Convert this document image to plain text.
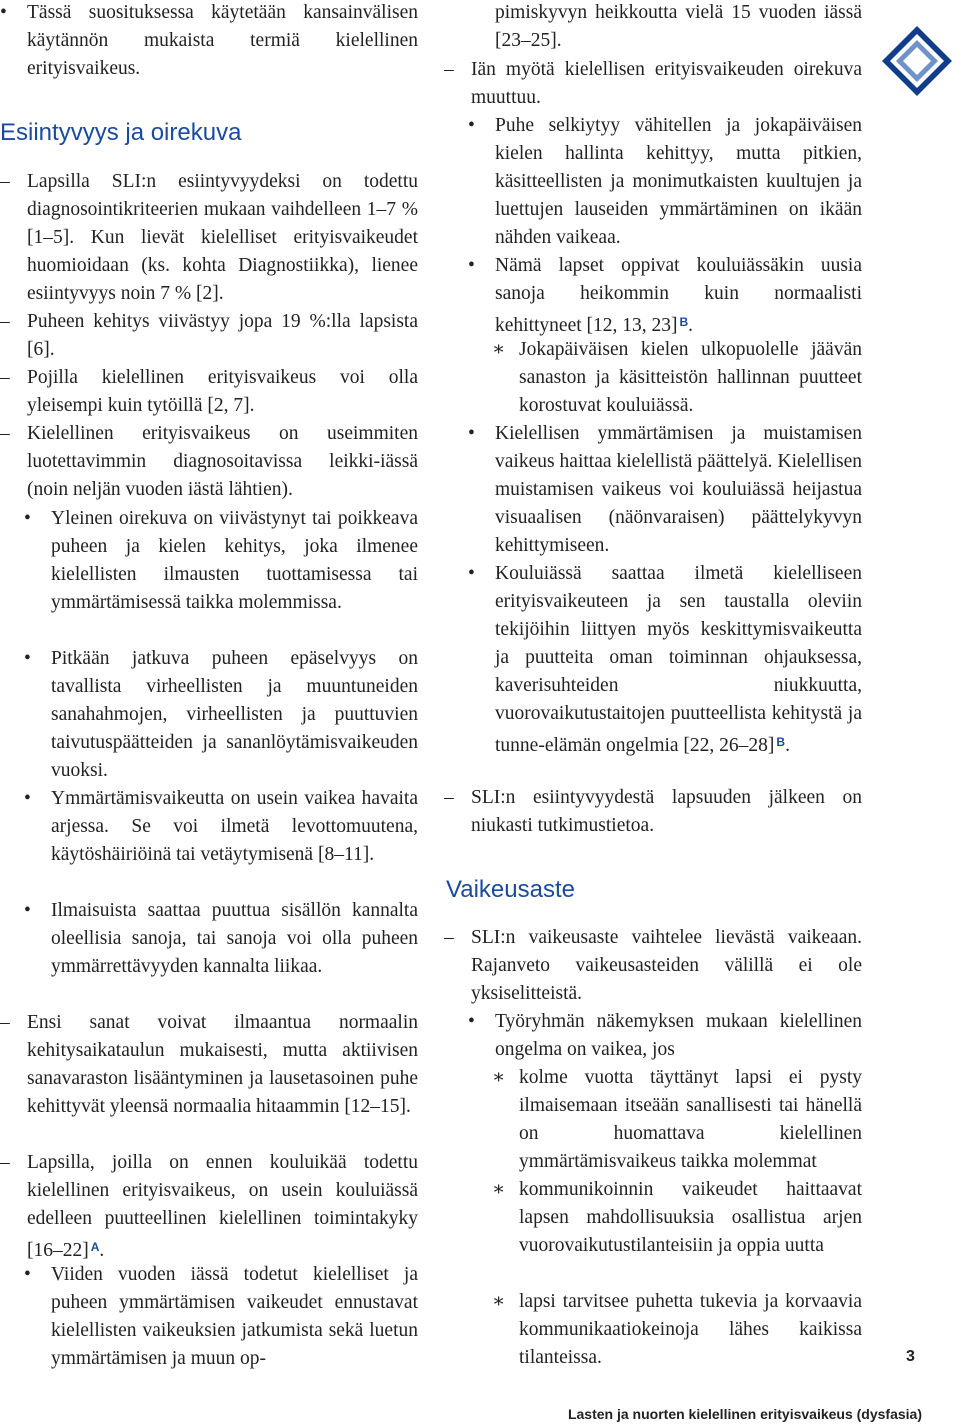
•
Tässä suosituksessa käytetään kansainvälisen käytännön mukaista termiä kielellinen erityisvaikeus.
Esiintyvyys ja oirekuva
–
Lapsilla SLI:n esiintyvyydeksi on todettu diagnosointikriteerien mukaan vaihdelleen 1–7 % [1–5]. Kun lievät kielelliset erityisvaikeudet huomioidaan (ks. kohta Diagnostiikka), lienee esiintyvyys noin 7 % [2].
–
Puheen kehitys viivästyy jopa 19 %:lla lapsista [6].
–
Pojilla kielellinen erityisvaikeus voi olla yleisempi kuin tytöillä [2, 7].
–
Kielellinen erityisvaikeus on useimmiten luotettavimmin diagnosoitavissa leikki-iässä (noin neljän vuoden iästä lähtien).
•
Yleinen oirekuva on viivästynyt tai poikkeava puheen ja kielen kehitys, joka ilmenee kielellisten ilmausten tuottamisessa tai ymmärtämisessä taikka molemmissa.
•
Pitkään jatkuva puheen epäselvyys on tavallista virheellisten ja muuntuneiden sanahahmojen, virheellisten ja puuttuvien taivutuspäätteiden ja sananlöytämisvaikeuden vuoksi.
•
Ymmärtämisvaikeutta on usein vaikea havaita arjessa. Se voi ilmetä levottomuutena, käytöshäiriöinä tai vetäytymisenä [8–11].
•
Ilmaisuista saattaa puuttua sisällön kannalta oleellisia sanoja, tai sanoja voi olla puheen ymmärrettävyyden kannalta liikaa.
–
Ensi sanat voivat ilmaantua normaalin kehitysaikataulun mukaisesti, mutta aktiivisen sanavaraston lisääntyminen ja lausetasoinen puhe kehittyvät yleensä normaalia hitaammin [12–15].
–
Lapsilla, joilla on ennen kouluikää todettu kielellinen erityisvaikeus, on usein kouluiässä edelleen puutteellinen kielellinen toimintakyky [16–22] $^A$.
•
Viiden vuoden iässä todetut kielelliset ja puheen ymmärtämisen vaikeudet ennustavat kielellisten vaikeuksien jatkumista sekä luetun ymmärtämisen ja muun op-
pimiskyvyn heikkoutta vielä 15 vuoden iässä [23–25].
–
Iän myötä kielellisen erityisvaikeuden oirekuva muuttuu.
•
Puhe selkiytyy vähitellen ja jokapäiväisen kielen hallinta kehittyy, mutta pitkien, käsitteellisten ja monimutkaisten kuultujen ja luettujen lauseiden ymmärtäminen on ikään nähden vaikeaa.
•
Nämä lapset oppivat kouluiässäkin uusia sanoja heikommin kuin normaalisti kehittyneet [12, 13, 23] $^B$.
∗
Jokapäiväisen kielen ulkopuolelle jäävän sanaston ja käsitteistön hallinnan puutteet korostuvat kouluiässä.
•
Kielellisen ymmärtämisen ja muistamisen vaikeus haittaa kielellistä päättelyä. Kielellisen muistamisen vaikeus voi kouluiässä heijastua visuaalisen (näönvaraisen) päättelykyvyn kehittymiseen.
•
Kouluiässä saattaa ilmetä kielelliseen erityisvaikeuteen ja sen taustalla oleviin tekijöihin liittyen myös keskittymisvaikeutta ja puutteita oman toiminnan ohjauksessa, kaverisuhteiden niukkuutta, vuorovaikutustaitojen puutteellista kehitystä ja tunne-elämän ongelmia [22, 26–28] $^B$.
–
SLI:n esiintyvyydestä lapsuuden jälkeen on niukasti tutkimustietoa.
Vaikeusaste
–
SLI:n vaikeusaste vaihtelee lievästä vaikeaan. Rajanveto vaikeusasteiden välillä ei ole yksiselitteistä.
•
Työryhmän näkemyksen mukaan kielellinen ongelma on vaikea, jos
∗
kolme vuotta täyttänyt lapsi ei pysty ilmaisemaan itseään sanallisesti tai hänellä on huomattava kielellinen ymmärtämisvaikeus taikka molemmat
∗
kommunikoinnin vaikeudet haittaavat lapsen mahdollisuuksia osallistua arjen vuorovaikutustilanteisiin ja oppia uutta
∗
lapsi tarvitsee puhetta tukevia ja korvaavia kommunikaatiokeinoja lähes kaikissa tilanteissa.	3
Lasten ja nuorten kielellinen erityisvaikeus (dysfasia)
